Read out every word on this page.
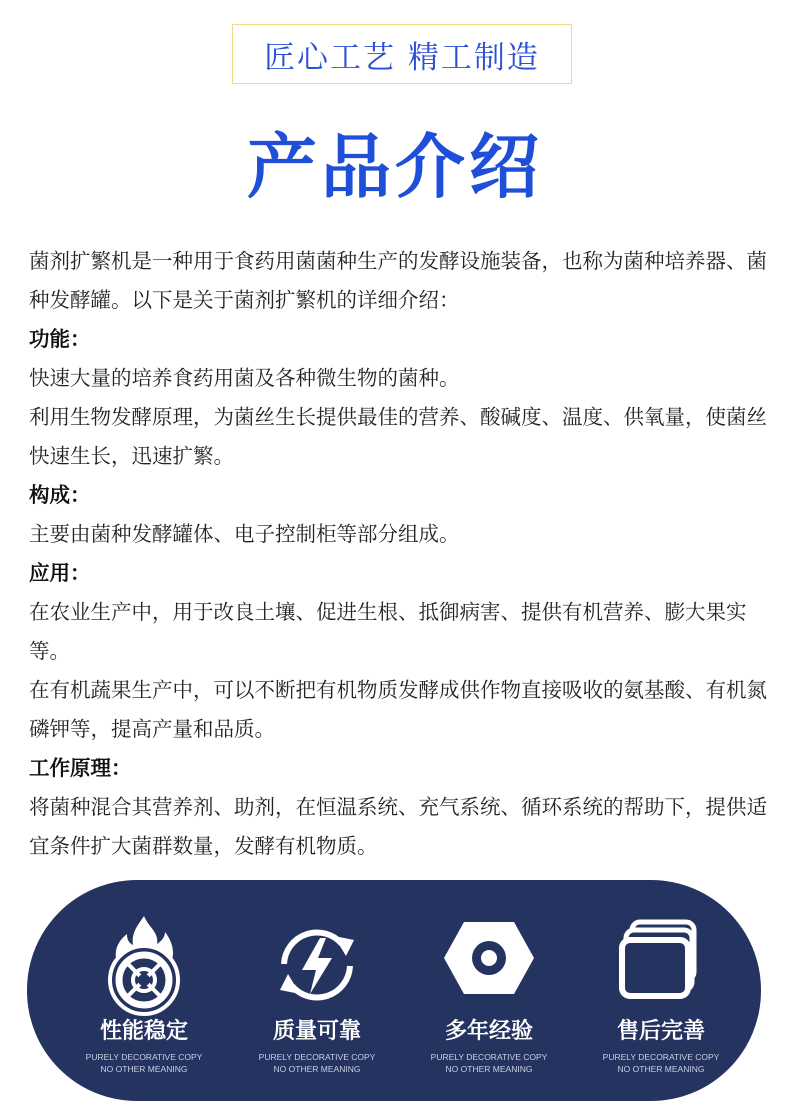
匠心工艺 精工制造
产品介绍

菌剂扩繁机是一种用于食药用菌菌种生产的发酵设施装备，也称为菌种培养器、菌种发酵罐。以下是关于菌剂扩繁机的详细介绍：

功能：

快速大量的培养食药用菌及各种微生物的菌种。

利用生物发酵原理，为菌丝生长提供最佳的营养、酸碱度、温度、供氧量，使菌丝快速生长，迅速扩繁。

构成：

主要由菌种发酵罐体、电子控制柜等部分组成。

应用：

在农业生产中，用于改良土壤、促进生根、抵御病害、提供有机营养、膨大果实等。

在有机蔬果生产中，可以不断把有机物质发酵成供作物直接吸收的氨基酸、有机氮磷钾等，提高产量和品质。

工作原理：

将菌种混合其营养剂、助剂，在恒温系统、充气系统、循环系统的帮助下，提供适宜条件扩大菌群数量，发酵有机物质。

性能稳定
PURELY DECORATIVE COPY
NO OTHER MEANING
质量可靠
PURELY DECORATIVE COPY
NO OTHER MEANING
多年经验
PURELY DECORATIVE COPY
NO OTHER MEANING
售后完善
PURELY DECORATIVE COPY
NO OTHER MEANING
